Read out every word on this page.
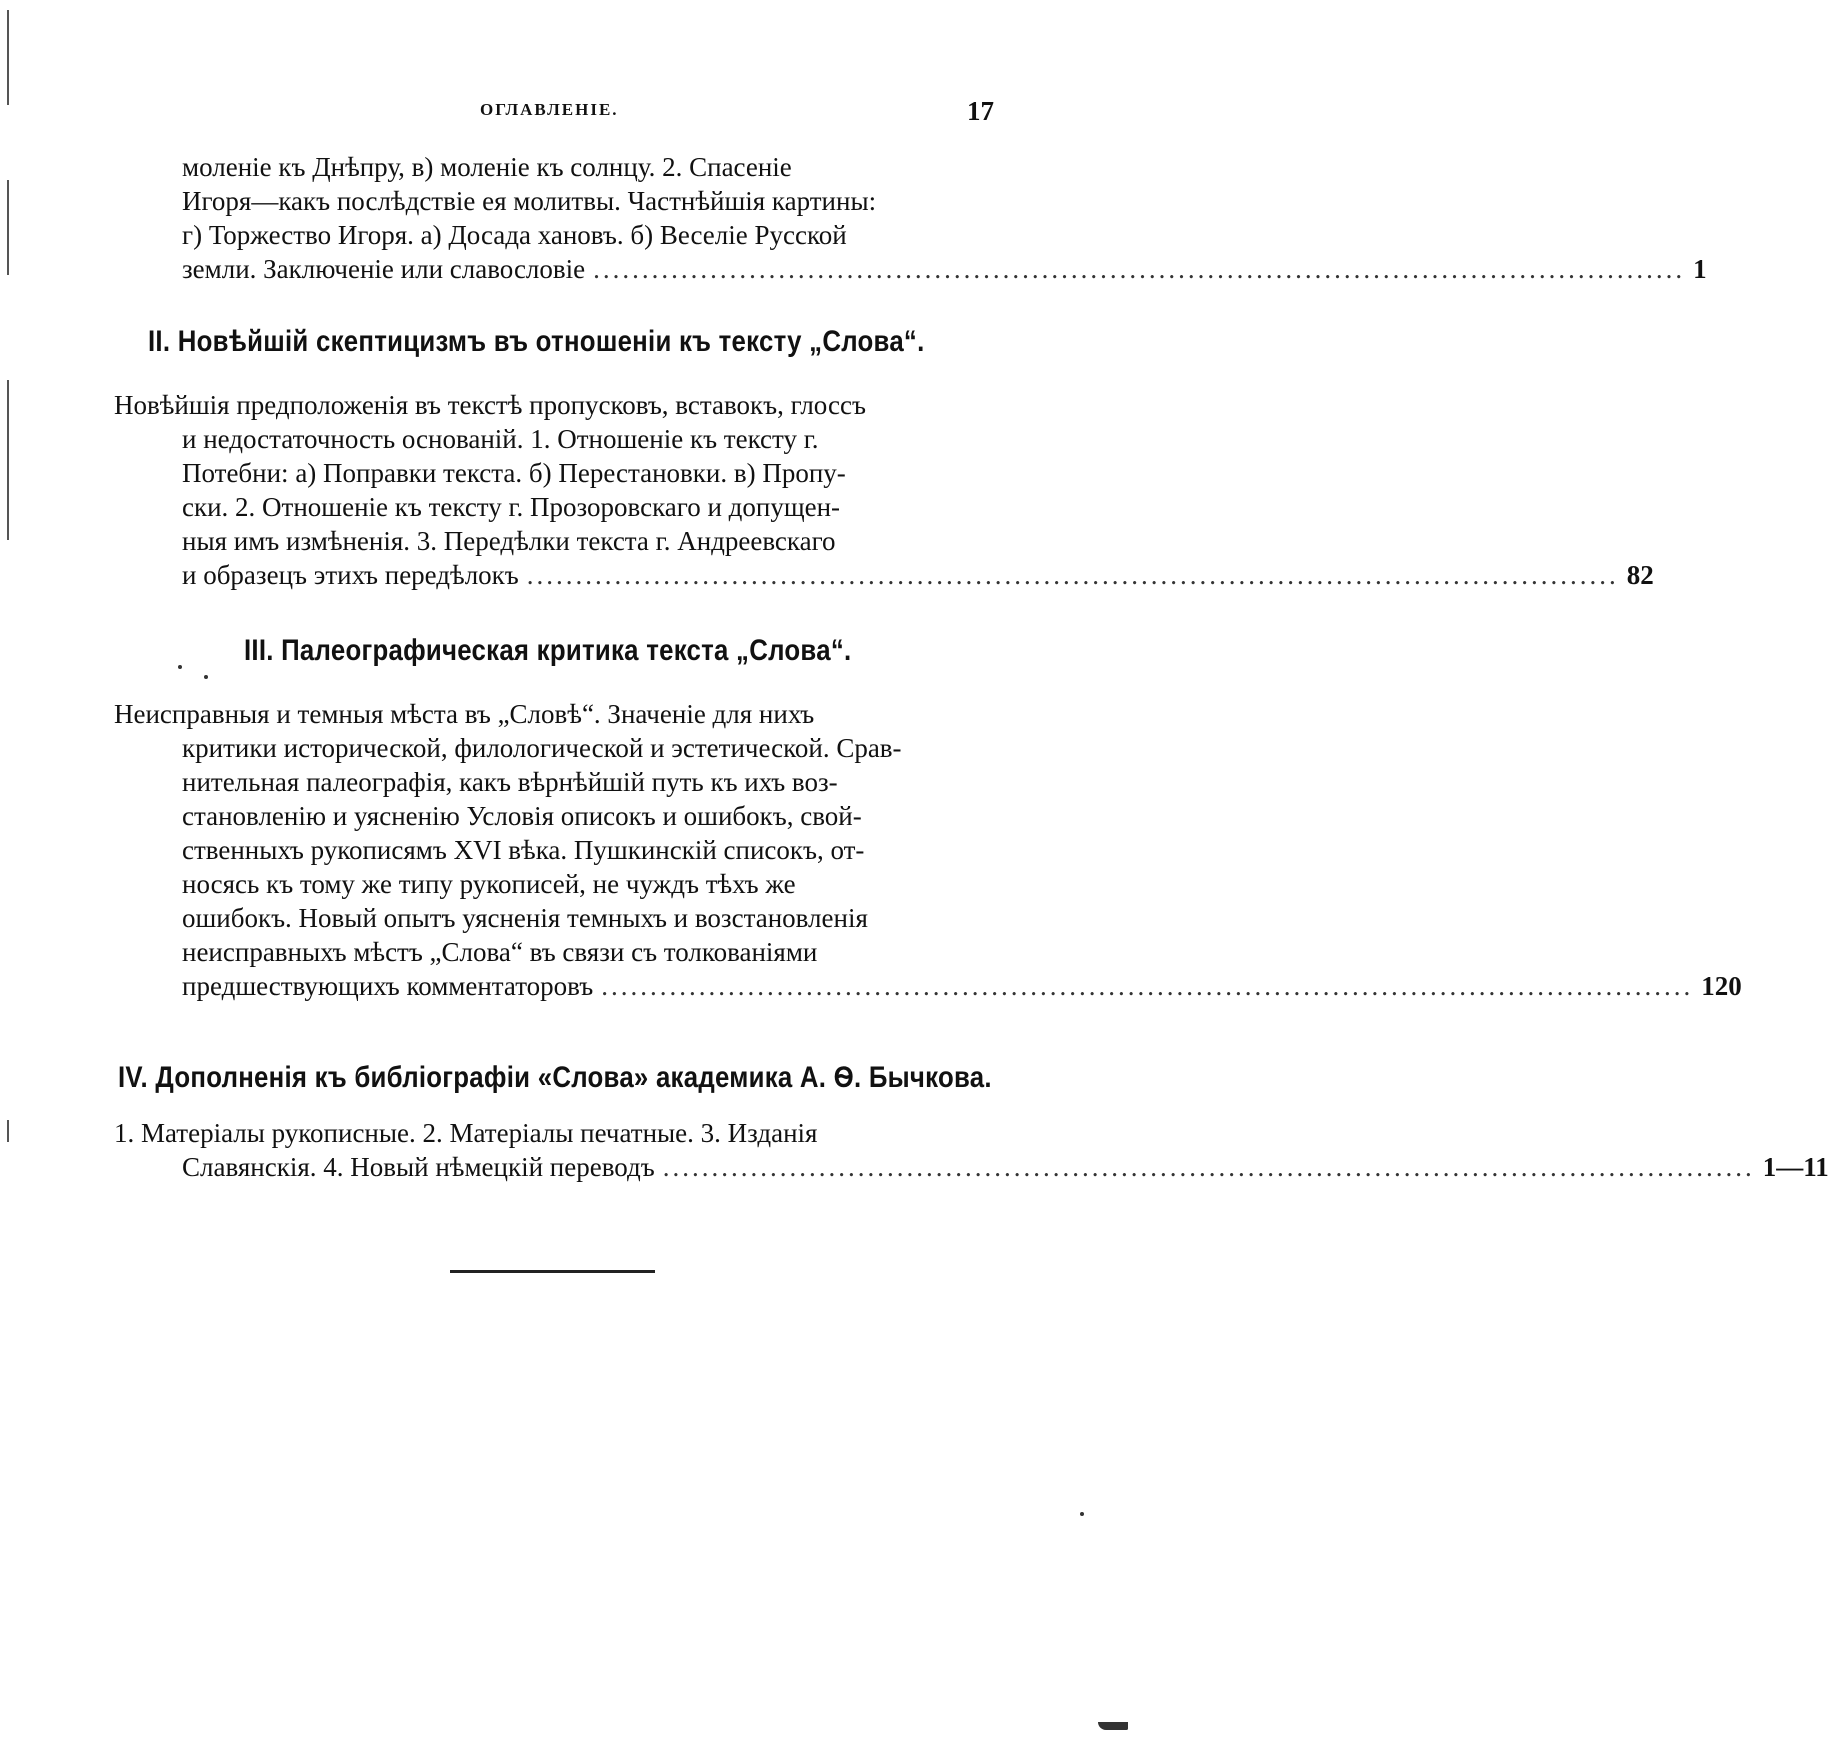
ОГЛАВЛЕНІЕ.	17
моленіе къ Днѣпру, в) моленіе къ солнцу. 2. Спасеніе
Игоря—какъ послѣдствіе ея молитвы. Частнѣйшія картины:
г) Торжество Игоря. а) Досада хановъ. б) Веселіе Русской
земли. Заключеніе или славословіе ................................................................................................................ 1
II. Новѣйшій скептицизмъ въ отношеніи къ тексту „Слова“.
Новѣйшія предположенія въ текстѣ пропусковъ, вставокъ, глоссъ
и недостаточность основаній. 1. Отношеніе къ тексту г.
Потебни: а) Поправки текста. б) Перестановки. в) Пропу-
ски. 2. Отношеніе къ тексту г. Прозоровскаго и допущен-
ныя имъ измѣненія. 3. Передѣлки текста г. Андреевскаго
и образецъ этихъ передѣлокъ ................................................................................................................ 82
III. Палеографическая критика текста „Слова“.
Неисправныя и темныя мѣста въ „Словѣ“. Значеніе для нихъ
критики исторической, филологической и эстетической. Срав-
нительная палеографія, какъ вѣрнѣйшій путь къ ихъ воз-
становленію и уясненію Условія описокъ и ошибокъ, свой-
ственныхъ рукописямъ XVI вѣка. Пушкинскій списокъ, от-
носясь къ тому же типу рукописей, не чуждъ тѣхъ же
ошибокъ. Новый опытъ уясненія темныхъ и возстановленія
неисправныхъ мѣстъ „Слова“ въ связи съ толкованіями
предшествующихъ комментаторовъ ................................................................................................................ 120
IV. Дополненія къ библіографіи «Слова» академика А. Ѳ. Бычкова.
1. Матеріалы рукописные. 2. Матеріалы печатные. 3. Изданія
Славянскія. 4. Новый нѣмецкій переводъ ................................................................................................................ 1—11
